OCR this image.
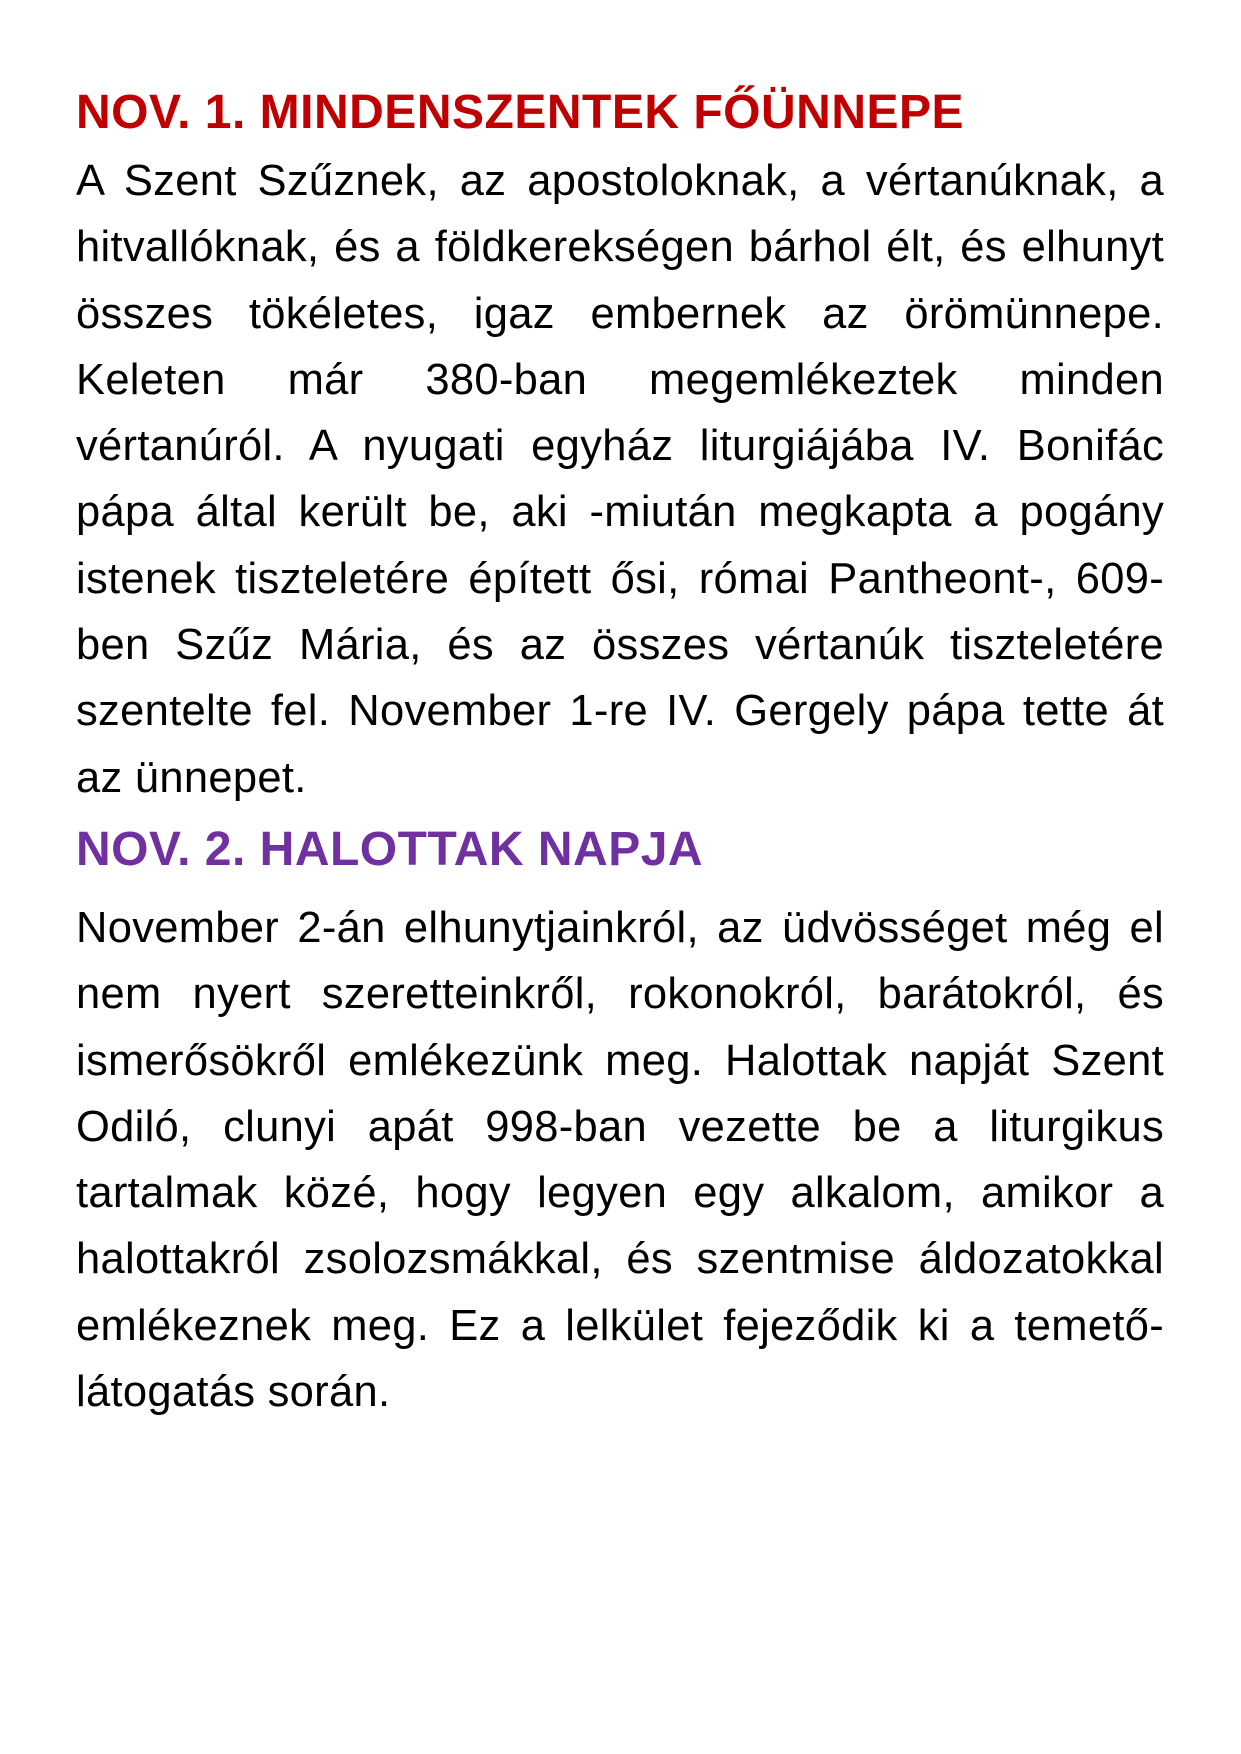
NOV. 1. MINDENSZENTEK FŐÜNNEPE

A Szent Szűznek, az apostoloknak, a vértanúknak, a hitvallóknak, és a földkerekségen bárhol élt, és elhunyt összes tökéletes, igaz embernek az örömünnepe. Keleten már 380-ban megemlékeztek minden vértanúról. A nyugati egyház liturgiájába IV. Bonifác pápa által került be, aki -miután megkapta a pogány istenek tiszteletére épített ősi, római Pantheont-, 609-ben Szűz Mária, és az összes vértanúk tiszteletére szentelte fel. November 1-re IV. Gergely pápa tette át az ünnepet.

NOV. 2. HALOTTAK NAPJA

November 2-án elhunytjainkról, az üdvösséget még el nem nyert szeretteinkről, rokonokról, barátokról, és ismerősökről emlékezünk meg. Halottak napját Szent Odiló, clunyi apát 998-ban vezette be a liturgikus tartalmak közé, hogy legyen egy alkalom, amikor a halottakról zsolozsmákkal, és szentmise áldozatokkal emlékeznek meg. Ez a lelkület fejeződik ki a temető-látogatás során.
